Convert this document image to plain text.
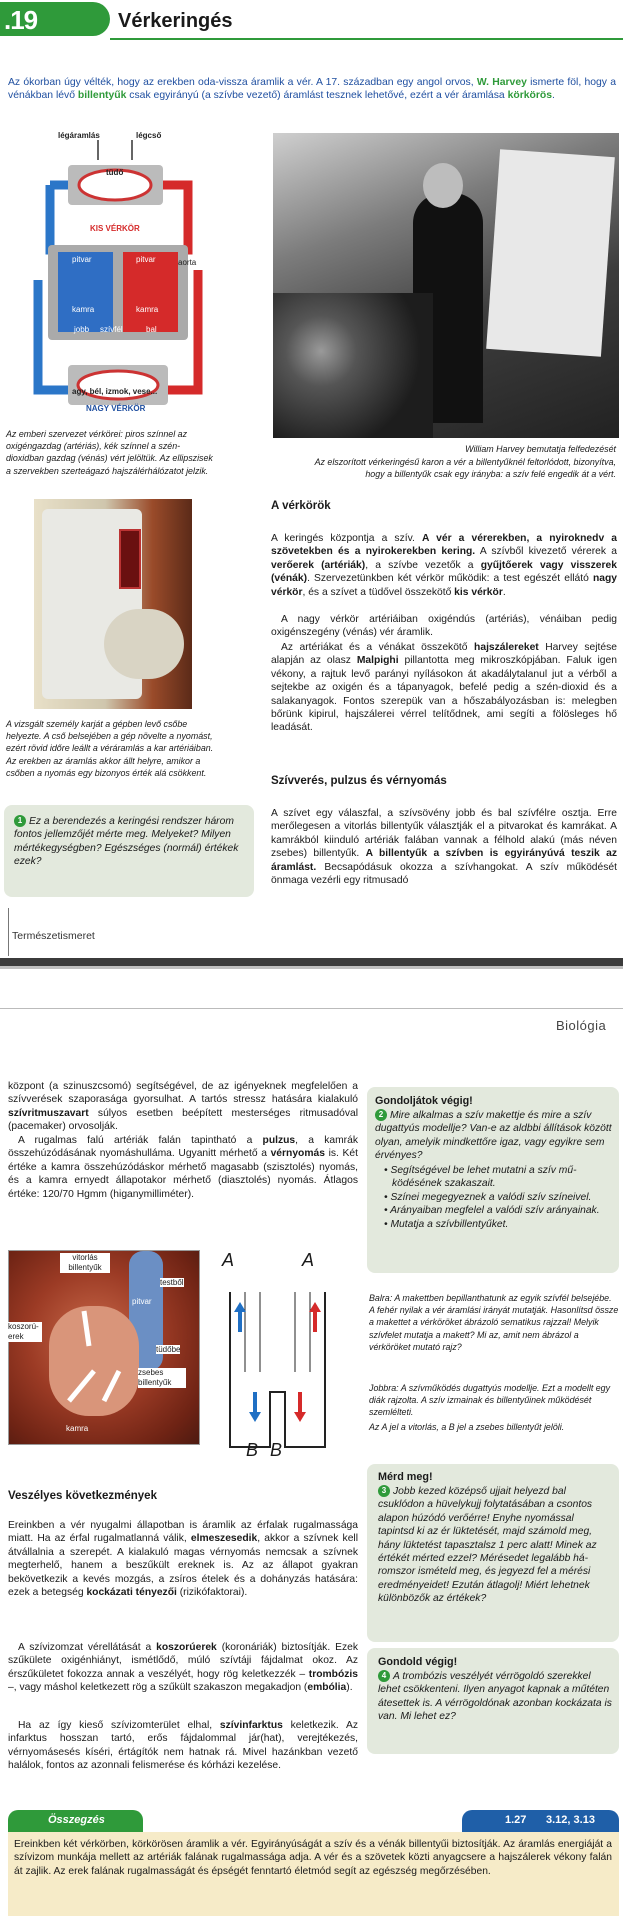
.19	Vérkeringés
Az ókorban úgy vélték, hogy az erekben oda-vissza áramlik a vér. A 17. században egy angol orvos, W. Harvey ismerte föl, hogy a vénákban lévő billentyűk csak egyirányú (a szívbe vezető) áramlást tesznek lehetővé, ezért a vér áramlása körkörös.
légáramlás	légcső
tüdő
KIS VÉRKÖR
aorta
pitvar	pitvar
kamra	kamra
jobb szívfél	bal
agy, bél, izmok, vese...
NAGY VÉRKÖR
Az emberi szervezet vérkörei: piros színnel az oxigéngazdag (artériás), kék színnel a szén-dioxidban gazdag (vénás) vért jelöltük. Az ellipszisek a szervekben szerteágazó hajszálérhálózatot jelzik.
William Harvey bemutatja felfedezését
Az elszorított vérkeringésű karon a vér a billentyűknél feltorlódott, bizonyítva, hogy a billentyűk csak egy irányba: a szív felé engedik át a vért.
A vizsgált személy karját a gépben levő csőbe helyezte. A cső belsejében a gép növelte a nyomást, ezért rövid időre leállt a véráramlás a kar artériáiban. Az erekben az áramlás akkor állt helyre, amikor a csőben a nyomás egy bizonyos érték alá csökkent.
1 Ez a berendezés a keringési rendszer három fontos jellemzőjét mérte meg. Melyeket? Milyen mértékegységben? Egészséges (normál) értékek ezek?
A vérkörök
A keringés központja a szív. A vér a vérerekben, a nyiroknedv a szövetekben és a nyirokerekben kering. A szívből kivezető vérerek a verőerek (artériák), a szívbe vezetők a gyűjtőerek vagy visszerek (vénák). Szervezetünkben két vérkör működik: a test egészét ellátó nagy vérkör, és a szívet a tüdővel összekötő kis vérkör.
A nagy vérkör artériáiban oxigéndús (artériás), vénáiban pedig oxigénszegény (vénás) vér áramlik.
Az artériákat és a vénákat összekötő hajszálereket Harvey sejtése alapján az olasz Malpighi pillantotta meg mikroszkópjában. Faluk igen vékony, a rajtuk levő parányi nyílásokon át akadálytalanul jut a vérből a sejtekbe az oxigén és a tápanyagok, befelé pedig a szén-dioxid és a salakanyagok. Fontos szerepük van a hőszabályozásban is: melegben bőrünk kipirul, hajszálerei vérrel telítődnek, ami segíti a fölösleges hő leadását.
Szívverés, pulzus és vérnyomás
A szívet egy válaszfal, a szívsövény jobb és bal szívfélre osztja. Erre merőlegesen a vitorlás billentyűk választják el a pitvarokat és kamrákat. A kamrákból kiinduló artériák falában vannak a félhold alakú (más néven zsebes) billentyűk. A billentyűk a szívben is egyirányúvá teszik az áramlást. Becsapódásuk okozza a szívhangokat. A szív működését önmaga vezérli egy ritmusadó
Természetismeret
Biológia
központ (a szinuszcsomó) segítségével, de az igényeknek megfelelően a szívverések szaporasága gyorsulhat. A tartós stressz hatására kialakuló szívritmuszavart súlyos esetben beépített mesterséges ritmusadóval (pacemaker) orvosolják.
A rugalmas falú artériák falán tapintható a pulzus, a kamrák összehúzódásának nyomáshulláma. Ugyanitt mérhető a vérnyomás is. Két értéke a kamra összehúzódáskor mérhető magasabb (szisztolés) nyomás, és a kamra ernyedt állapotakor mérhető (diasztolés) nyomás. Átlagos értéke: 120/70 Hgmm (higanymilliméter).
vitorlás billentyűk
testből
pitvar
koszorúerek
tüdőbe
zsebes billentyűk
kamra
A	A
B B
Veszélyes következmények
Ereinkben a vér nyugalmi állapotban is áramlik az érfalak rugalmassága miatt. Ha az érfal rugalmatlanná válik, elmeszesedik, akkor a szívnek kell átvállalnia a szerepét. A kialakuló magas vérnyomás nemcsak a szívnek megterhelő, hanem a beszűkült ereknek is. Az az állapot gyakran bekövetkezik a kevés mozgás, a zsíros ételek és a dohányzás hatására: ezek a betegség kockázati tényezői (rizikófaktorai).
A szívizomzat vérellátását a koszorúerek (koronáriák) biztosítják. Ezek szűkülete oxigénhiányt, ismétlődő, múló szívtáji fájdalmat okoz. Az érszűkületet fokozza annak a veszélyét, hogy rög keletkezzék – trombózis –, vagy máshol keletkezett rög a szűkült szakaszon megakadjon (embólia).
Ha az így kieső szívizomterület elhal, szívinfarktus keletkezik. Az infarktus hosszan tartó, erős fájdalommal jár(hat), verejtékezés, vérnyomásesés kíséri, értágítók nem hatnak rá. Mivel hazánkban vezető halálok, fontos az azonnali felismerése és kórházi kezelése.
Gondoljátok végig!
2 Mire alkalmas a szív makettje és mire a szív dugattyús modellje? Van-e az aldbbi állítások között olyan, amelyik mindkettőre igaz, vagy egyikre sem érvényes?
• Segítségével be lehet mutatni a szív működésének szakaszait.
• Színei megegyeznek a valódi szív színeivel.
• Arányaiban megfelel a valódi szív arányainak.
• Mutatja a szívbillentyűket.
Balra: A makettben bepillanthatunk az egyik szívfél belsejébe. A fehér nyilak a vér áramlási irányát mutatják. Hasonlítsd össze a makettet a vérköröket ábrázoló sematikus rajzzal! Melyik szívfelet mutatja a makett? Mi az, amit nem ábrázol a vérköröket mutató rajz?
Jobbra: A szívműködés dugattyús modellje. Ezt a modellt egy diák rajzolta. A szív izmainak és billentyűinek működését szemlélteti.
Az A jel a vitorlás, a B jel a zsebes billentyűt jelöli.
Mérd meg!
3 Jobb kezed középső ujjait helyezd bal csuklódon a hüvelykujj folytatásában a csontos alapon húzódó verőérre! Enyhe nyomással tapintsd ki az ér lüktetését, majd számold meg, hány lüktetést tapasztalsz 1 perc alatt! Minek az értékét mérted ezzel? Mérésedet legalább háromszor ismételd meg, és jegyezd fel a mérési eredményeidet! Ezután átlagolj! Miért lehetnek különbözők az értékek?
Gondold végig!
4 A trombózis veszélyét vérrögoldó szerekkel lehet csökkenteni. Ilyen anyagot kapnak a műtéten átesettek is. A vérrögoldónak azonban kockázata is van. Mi lehet ez?
Összegzés	1.27 3.12, 3.13
Ereinkben két vérkörben, körkörösen áramlik a vér. Egyirányúságát a szív és a vénák billentyűi biztosítják. Az áramlás energiáját a szívizom munkája mellett az artériák falának rugalmassága adja. A vér és a szövetek közti anyagcsere a hajszálerek vékony falán át zajlik. Az erek falának rugalmasságát és épségét fenntartó életmód segít az egészség megőrzésében.
